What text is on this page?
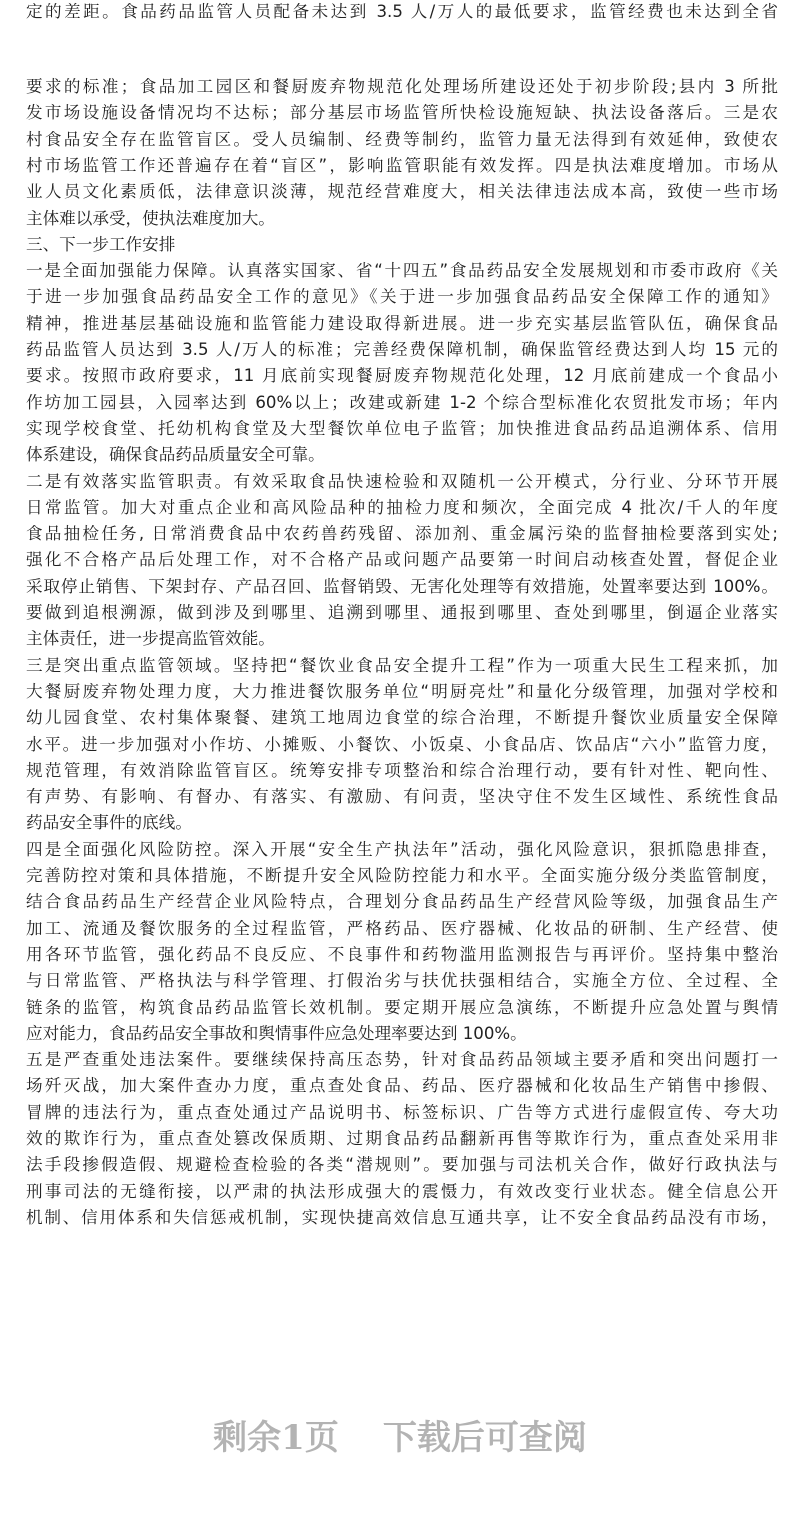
定的差距。食品药品监管人员配备未达到 3.5 人/万人的最低要求，监管经费也未达到全省
要求的标准；食品加工园区和餐厨废弃物规范化处理场所建设还处于初步阶段;县内 3 所批
发市场设施设备情况均不达标；部分基层市场监管所快检设施短缺、执法设备落后。三是农
村食品安全存在监管盲区。受人员编制、经费等制约，监管力量无法得到有效延伸，致使农
村市场监管工作还普遍存在着“盲区”，影响监管职能有效发挥。四是执法难度增加。市场从
业人员文化素质低，法律意识淡薄，规范经营难度大，相关法律违法成本高，致使一些市场
主体难以承受，使执法难度加大。
三、下一步工作安排
一是全面加强能力保障。认真落实国家、省“十四五”食品药品安全发展规划和市委市政府《关
于进一步加强食品药品安全工作的意见》《关于进一步加强食品药品安全保障工作的通知》
精神，推进基层基础设施和监管能力建设取得新进展。进一步充实基层监管队伍，确保食品
药品监管人员达到 3.5 人/万人的标准；完善经费保障机制，确保监管经费达到人均 15 元的
要求。按照市政府要求，11 月底前实现餐厨废弃物规范化处理，12 月底前建成一个食品小
作坊加工园县，入园率达到 60%以上；改建或新建 1-2 个综合型标准化农贸批发市场；年内
实现学校食堂、托幼机构食堂及大型餐饮单位电子监管；加快推进食品药品追溯体系、信用
体系建设，确保食品药品质量安全可靠。
二是有效落实监管职责。有效采取食品快速检验和双随机一公开模式，分行业、分环节开展
日常监管。加大对重点企业和高风险品种的抽检力度和频次，全面完成 4 批次/千人的年度
食品抽检任务, 日常消费食品中农药兽药残留、添加剂、重金属污染的监督抽检要落到实处;
强化不合格产品后处理工作，对不合格产品或问题产品要第一时间启动核查处置，督促企业
采取停止销售、下架封存、产品召回、监督销毁、无害化处理等有效措施，处置率要达到 100%。
要做到追根溯源，做到涉及到哪里、追溯到哪里、通报到哪里、查处到哪里，倒逼企业落实
主体责任，进一步提高监管效能。
三是突出重点监管领域。坚持把“餐饮业食品安全提升工程”作为一项重大民生工程来抓，加
大餐厨废弃物处理力度，大力推进餐饮服务单位“明厨亮灶”和量化分级管理，加强对学校和
幼儿园食堂、农村集体聚餐、建筑工地周边食堂的综合治理，不断提升餐饮业质量安全保障
水平。进一步加强对小作坊、小摊贩、小餐饮、小饭桌、小食品店、饮品店“六小”监管力度，
规范管理，有效消除监管盲区。统筹安排专项整治和综合治理行动，要有针对性、靶向性、
有声势、有影响、有督办、有落实、有激励、有问责，坚决守住不发生区域性、系统性食品
药品安全事件的底线。
四是全面强化风险防控。深入开展“安全生产执法年”活动，强化风险意识，狠抓隐患排查，
完善防控对策和具体措施，不断提升安全风险防控能力和水平。全面实施分级分类监管制度，
结合食品药品生产经营企业风险特点，合理划分食品药品生产经营风险等级，加强食品生产
加工、流通及餐饮服务的全过程监管，严格药品、医疗器械、化妆品的研制、生产经营、使
用各环节监管，强化药品不良反应、不良事件和药物滥用监测报告与再评价。坚持集中整治
与日常监管、严格执法与科学管理、打假治劣与扶优扶强相结合，实施全方位、全过程、全
链条的监管，构筑食品药品监管长效机制。要定期开展应急演练，不断提升应急处置与舆情
应对能力，食品药品安全事故和舆情事件应急处理率要达到 100%。
五是严查重处违法案件。要继续保持高压态势，针对食品药品领域主要矛盾和突出问题打一
场歼灭战，加大案件查办力度，重点查处食品、药品、医疗器械和化妆品生产销售中掺假、
冒牌的违法行为，重点查处通过产品说明书、标签标识、广告等方式进行虚假宣传、夸大功
效的欺诈行为，重点查处篡改保质期、过期食品药品翻新再售等欺诈行为，重点查处采用非
法手段掺假造假、规避检查检验的各类“潜规则”。要加强与司法机关合作，做好行政执法与
刑事司法的无缝衔接，以严肃的执法形成强大的震慑力，有效改变行业状态。健全信息公开
机制、信用体系和失信惩戒机制，实现快捷高效信息互通共享，让不安全食品药品没有市场，
剩余1页 下载后可查阅
